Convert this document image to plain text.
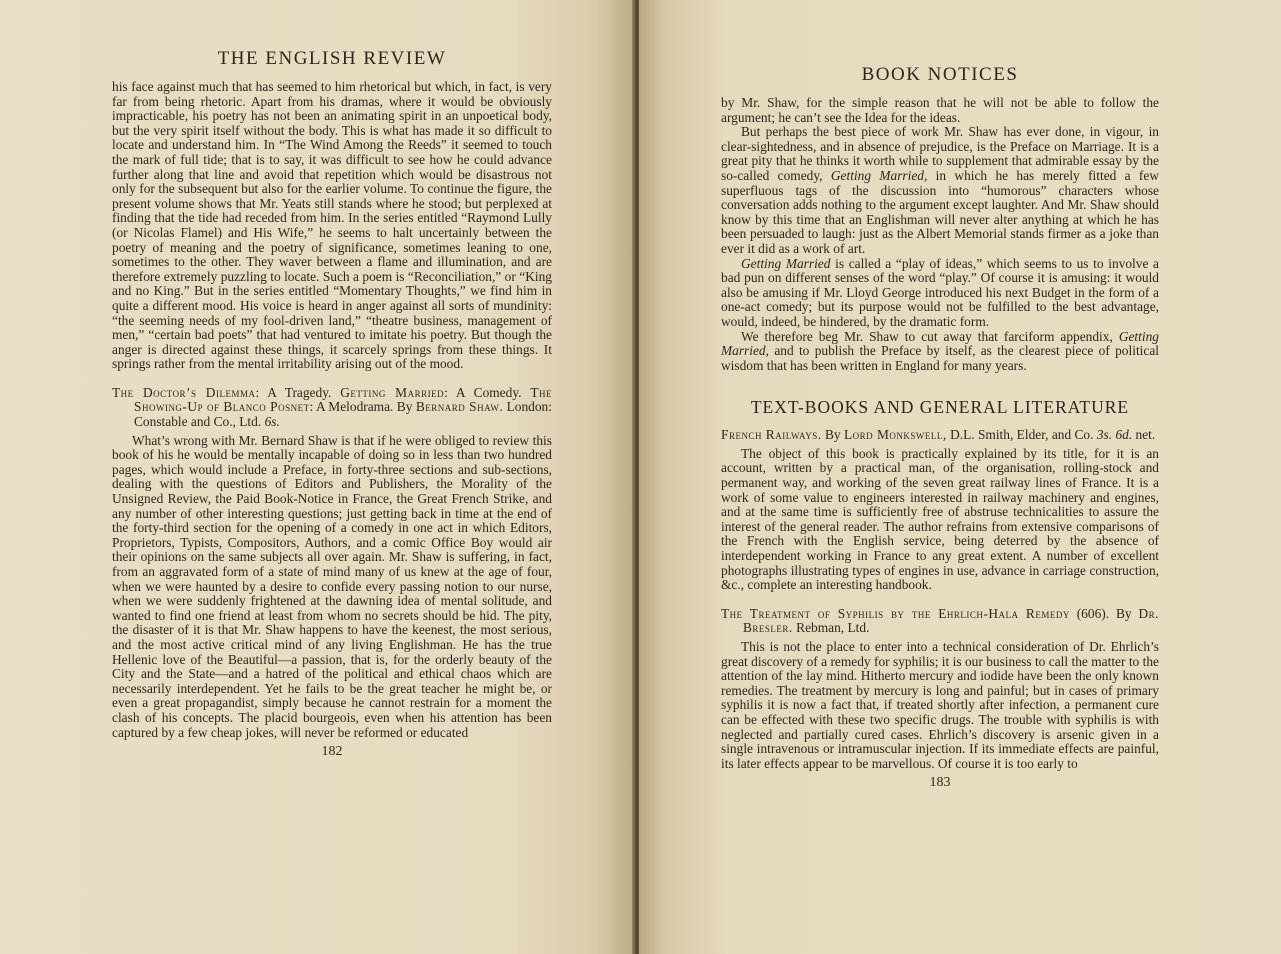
THE ENGLISH REVIEW

his face against much that has seemed to him rhetorical but which, in fact, is very far from being rhetoric. Apart from his dramas, where it would be obviously impracticable, his poetry has not been an animating spirit in an unpoetical body, but the very spirit itself without the body. This is what has made it so difficult to locate and understand him. In “The Wind Among the Reeds” it seemed to touch the mark of full tide; that is to say, it was difficult to see how he could advance further along that line and avoid that repetition which would be disastrous not only for the subsequent but also for the earlier volume. To continue the figure, the present volume shows that Mr. Yeats still stands where he stood; but perplexed at finding that the tide had receded from him. In the series entitled “Raymond Lully (or Nicolas Flamel) and His Wife,” he seems to halt uncertainly between the poetry of meaning and the poetry of significance, sometimes leaning to one, sometimes to the other. They waver between a flame and illumination, and are therefore extremely puzzling to locate. Such a poem is “Reconciliation,” or “King and no King.” But in the series entitled “Momentary Thoughts,” we find him in quite a different mood. His voice is heard in anger against all sorts of mundinity: “the seeming needs of my fool-driven land,” “theatre business, management of men,” “certain bad poets” that had ventured to imitate his poetry. But though the anger is directed against these things, it scarcely springs from these things. It springs rather from the mental irritability arising out of the mood.

The Doctor’s Dilemma: A Tragedy. Getting Married: A Comedy. The Showing-Up of Blanco Posnet: A Melodrama. By Bernard Shaw. London: Constable and Co., Ltd. 6s.

What’s wrong with Mr. Bernard Shaw is that if he were obliged to review this book of his he would be mentally incapable of doing so in less than two hundred pages, which would include a Preface, in forty-three sections and sub-sections, dealing with the questions of Editors and Publishers, the Morality of the Unsigned Review, the Paid Book-Notice in France, the Great French Strike, and any number of other interesting questions; just getting back in time at the end of the forty-third section for the opening of a comedy in one act in which Editors, Proprietors, Typists, Compositors, Authors, and a comic Office Boy would air their opinions on the same subjects all over again. Mr. Shaw is suffering, in fact, from an aggravated form of a state of mind many of us knew at the age of four, when we were haunted by a desire to confide every passing notion to our nurse, when we were suddenly frightened at the dawning idea of mental solitude, and wanted to find one friend at least from whom no secrets should be hid. The pity, the disaster of it is that Mr. Shaw happens to have the keenest, the most serious, and the most active critical mind of any living Englishman. He has the true Hellenic love of the Beautiful—a passion, that is, for the orderly beauty of the City and the State—and a hatred of the political and ethical chaos which are necessarily interdependent. Yet he fails to be the great teacher he might be, or even a great propagandist, simply because he cannot restrain for a moment the clash of his concepts. The placid bourgeois, even when his attention has been captured by a few cheap jokes, will never be reformed or educated

182
BOOK NOTICES

by Mr. Shaw, for the simple reason that he will not be able to follow the argument; he can’t see the Idea for the ideas.

But perhaps the best piece of work Mr. Shaw has ever done, in vigour, in clear-sightedness, and in absence of prejudice, is the Preface on Marriage. It is a great pity that he thinks it worth while to supplement that admirable essay by the so-called comedy, Getting Married, in which he has merely fitted a few superfluous tags of the discussion into “humorous” characters whose conversation adds nothing to the argument except laughter. And Mr. Shaw should know by this time that an Englishman will never alter anything at which he has been persuaded to laugh: just as the Albert Memorial stands firmer as a joke than ever it did as a work of art.

Getting Married is called a “play of ideas,” which seems to us to involve a bad pun on different senses of the word “play.” Of course it is amusing: it would also be amusing if Mr. Lloyd George introduced his next Budget in the form of a one-act comedy; but its purpose would not be fulfilled to the best advantage, would, indeed, be hindered, by the dramatic form.

We therefore beg Mr. Shaw to cut away that farciform appendix, Getting Married, and to publish the Preface by itself, as the clearest piece of political wisdom that has been written in England for many years.

TEXT-BOOKS AND GENERAL LITERATURE

French Railways. By Lord Monkswell, D.L. Smith, Elder, and Co. 3s. 6d. net.

The object of this book is practically explained by its title, for it is an account, written by a practical man, of the organisation, rolling-stock and permanent way, and working of the seven great railway lines of France. It is a work of some value to engineers interested in railway machinery and engines, and at the same time is sufficiently free of abstruse technicalities to assure the interest of the general reader. The author refrains from extensive comparisons of the French with the English service, being deterred by the absence of interdependent working in France to any great extent. A number of excellent photographs illustrating types of engines in use, advance in carriage construction, &c., complete an interesting handbook.

The Treatment of Syphilis by the Ehrlich-Hala Remedy (606). By Dr. Bresler. Rebman, Ltd.

This is not the place to enter into a technical consideration of Dr. Ehrlich’s great discovery of a remedy for syphilis; it is our business to call the matter to the attention of the lay mind. Hitherto mercury and iodide have been the only known remedies. The treatment by mercury is long and painful; but in cases of primary syphilis it is now a fact that, if treated shortly after infection, a permanent cure can be effected with these two specific drugs. The trouble with syphilis is with neglected and partially cured cases. Ehrlich’s discovery is arsenic given in a single intravenous or intramuscular injection. If its immediate effects are painful, its later effects appear to be marvellous. Of course it is too early to

183
